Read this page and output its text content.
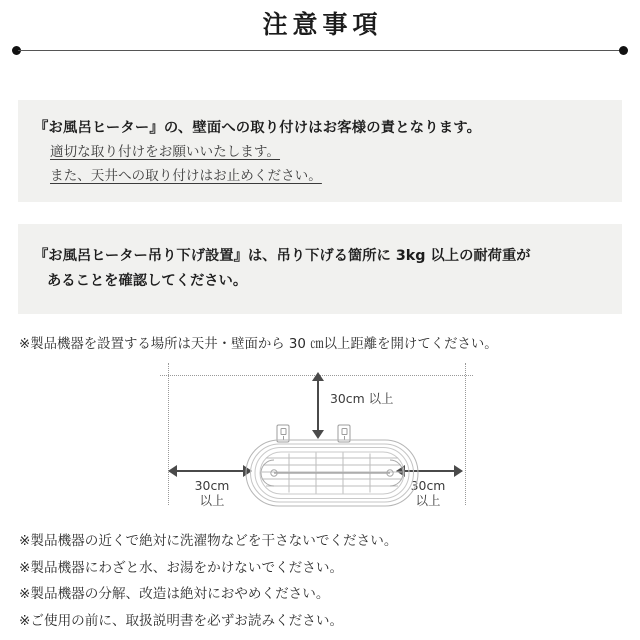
注意事項
『お風呂ヒーター』の、壁面への取り付けはお客様の責となります。
適切な取り付けをお願いいたします。
また、天井への取り付けはお止めください。
『お風呂ヒーター吊り下げ設置』は、吊り下げる箇所に 3kg 以上の耐荷重が
あることを確認してください。
※製品機器を設置する場所は天井・壁面から 30 ㎝以上距離を開けてください。
30cm 以上
30cm
以上
30cm
以上
※製品機器の近くで絶対に洗濯物などを干さないでください。
※製品機器にわざと水、お湯をかけないでください。
※製品機器の分解、改造は絶対におやめください。
※ご使用の前に、取扱説明書を必ずお読みください。
